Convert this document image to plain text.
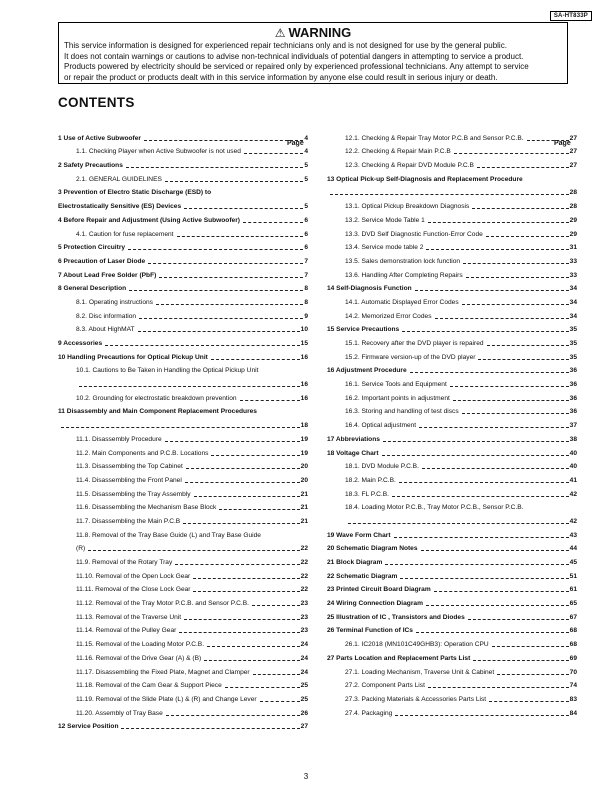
SA-HT833P
⚠ WARNING

This service information is designed for experienced repair technicians only and is not designed for use by the general public.

It does not contain warnings or cautions to advise non-technical individuals of potential dangers in attempting to service a product.

Products powered by electricity should be serviced or repaired only by experienced professional technicians. Any attempt to service

or repair the product or products dealt with in this service information by anyone else could result in serious injury or death.

CONTENTS
Page	Page
1 Use of Active Subwoofer	4
1.1. Checking Player when Active Subwoofer is not used	4
2 Safety Precautions	5
2.1. GENERAL GUIDELINES	5
3 Prevention of Electro Static Discharge (ESD) to
Electrostatically Sensitive (ES) Devices	5
4 Before Repair and Adjustment (Using Active Subwoofer)	6
4.1. Caution for fuse replacement	6
5 Protection Circuitry	6
6 Precaution of Laser Diode	7
7 About Lead Free Solder (PbF)	7
8 General Description	8
8.1. Operating instructions	8
8.2. Disc information	9
8.3. About HighMAT	10
9 Accessories	15
10 Handling Precautions for Optical Pickup Unit	16
10.1. Cautions to Be Taken in Handling the Optical Pickup Unit
16
10.2. Grounding for electrostatic breakdown prevention	16
11 Disassembly and Main Component Replacement Procedures
18
11.1. Disassembly Procedure	19
11.2. Main Components and P.C.B. Locations	19
11.3. Disassembling the Top Cabinet	20
11.4. Disassembling the Front Panel	20
11.5. Disassembling the Tray Assembly	21
11.6. Disassembling the Mechanism Base Block	21
11.7. Disassembling the Main P.C.B	21
11.8. Removal of the Tray Base Guide (L) and Tray Base Guide
(R)	22
11.9. Removal of the Rotary Tray	22
11.10. Removal of the Open Lock Gear	22
11.11. Removal of the Close Lock Gear	22
11.12. Removal of the Tray Motor P.C.B. and Sensor P.C.B.	23
11.13. Removal of the Traverse Unit	23
11.14. Removal of the Pulley Gear	23
11.15. Removal of the Loading Motor P.C.B.	24
11.16. Removal of the Drive Gear (A) & (B)	24
11.17. Disassembling the Fixed Plate, Magnet and Clamper	24
11.18. Removal of the Cam Gear & Support Piece	25
11.19. Removal of the Slide Plate (L) & (R) and Change Lever	25
11.20. Assembly of Tray Base	26
12 Service Position	27
12.1. Checking & Repair Tray Motor P.C.B and Sensor P.C.B.	27
12.2. Checking & Repair Main P.C.B	27
12.3. Checking & Repair DVD Module P.C.B	27
13 Optical Pick-up Self-Diagnosis and Replacement Procedure
28
13.1. Optical Pickup Breakdown Diagnosis	28
13.2. Service Mode Table 1	29
13.3. DVD Self Diagnostic Function-Error Code	29
13.4. Service mode table 2	31
13.5. Sales demonstration lock function	33
13.6. Handling After Completing Repairs	33
14 Self-Diagnosis Function	34
14.1. Automatic Displayed Error Codes	34
14.2. Memorized Error Codes	34
15 Service Precautions	35
15.1. Recovery after the DVD player is repaired	35
15.2. Firmware version-up of the DVD player	35
16 Adjustment Procedure	36
16.1. Service Tools and Equipment	36
16.2. Important points in adjustment	36
16.3. Storing and handling of test discs	36
16.4. Optical adjustment	37
17 Abbreviations	38
18 Voltage Chart	40
18.1. DVD Module P.C.B.	40
18.2. Main P.C.B.	41
18.3. FL P.C.B.	42
18.4. Loading Motor P.C.B., Tray Motor P.C.B., Sensor P.C.B.
42
19 Wave Form Chart	43
20 Schematic Diagram Notes	44
21 Block Diagram	45
22 Schematic Diagram	51
23 Printed Circuit Board Diagram	61
24 Wiring Connection Diagram	65
25 Illustration of IC , Transistors and Diodes	67
26 Terminal Function of ICs	68
26.1. IC2018 (MN101C49GHB3): Operation CPU	68
27 Parts Location and Replacement Parts List	69
27.1. Loading Mechanism, Traverse Unit & Cabinet	70
27.2. Component Parts List	74
27.3. Packing Materials & Accessories Parts List	83
27.4. Packaging	84
3
